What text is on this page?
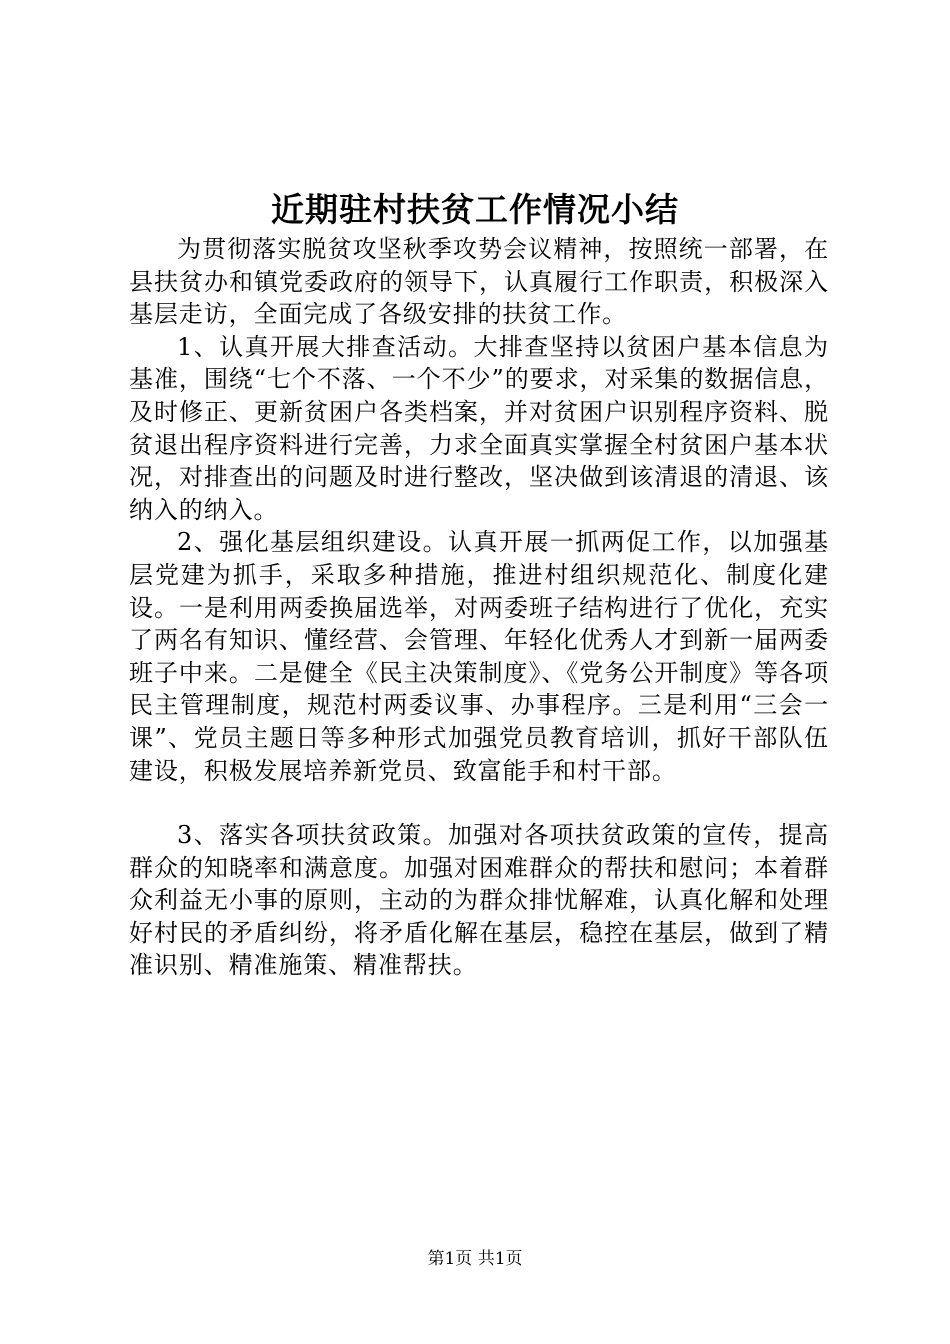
近期驻村扶贫工作情况小结

为贯彻落实脱贫攻坚秋季攻势会议精神，按照统一部署，在县扶贫办和镇党委政府的领导下，认真履行工作职责，积极深入基层走访，全面完成了各级安排的扶贫工作。

1、认真开展大排查活动。大排查坚持以贫困户基本信息为基准，围绕“七个不落、一个不少”的要求，对采集的数据信息，及时修正、更新贫困户各类档案，并对贫困户识别程序资料、脱贫退出程序资料进行完善，力求全面真实掌握全村贫困户基本状况，对排查出的问题及时进行整改，坚决做到该清退的清退、该纳入的纳入。

2、强化基层组织建设。认真开展一抓两促工作，以加强基层党建为抓手，采取多种措施，推进村组织规范化、制度化建设。一是利用两委换届选举，对两委班子结构进行了优化，充实了两名有知识、懂经营、会管理、年轻化优秀人才到新一届两委班子中来。二是健全《民主决策制度》、《党务公开制度》等各项民主管理制度，规范村两委议事、办事程序。三是利用“三会一课”、党员主题日等多种形式加强党员教育培训，抓好干部队伍建设，积极发展培养新党员、致富能手和村干部。

3、落实各项扶贫政策。加强对各项扶贫政策的宣传，提高群众的知晓率和满意度。加强对困难群众的帮扶和慰问；本着群众利益无小事的原则，主动的为群众排忧解难，认真化解和处理好村民的矛盾纠纷，将矛盾化解在基层，稳控在基层，做到了精准识别、精准施策、精准帮扶。

第1页 共1页
